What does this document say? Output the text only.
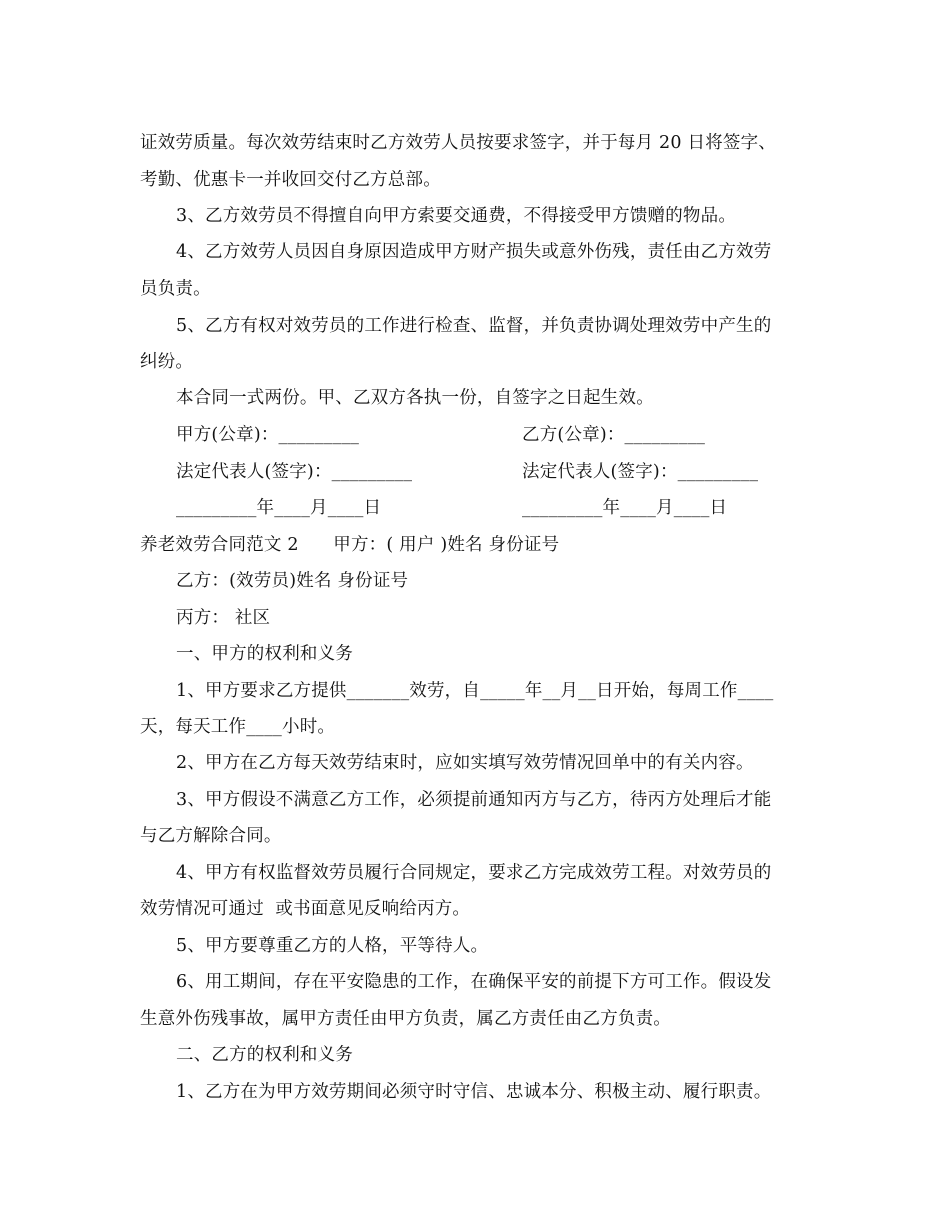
证效劳质量。每次效劳结束时乙方效劳人员按要求签字，并于每月 20 日将签字、
考勤、优惠卡一并收回交付乙方总部。
3、乙方效劳员不得擅自向甲方索要交通费，不得接受甲方馈赠的物品。
4、乙方效劳人员因自身原因造成甲方财产损失或意外伤残，责任由乙方效劳
员负责。
5、乙方有权对效劳员的工作进行检查、监督，并负责协调处理效劳中产生的
纠纷。
本合同一式两份。甲、乙双方各执一份，自签字之日起生效。
甲方(公章)：_________	乙方(公章)：_________
法定代表人(签字)：_________	法定代表人(签字)：_________
_________年____月____日	_________年____月____日
养老效劳合同范文 2      甲方：( 用户 )姓名 身份证号
乙方：(效劳员)姓名 身份证号
丙方： 社区
一、甲方的权利和义务
1、甲方要求乙方提供_______效劳，自_____年__月__日开始，每周工作____
天，每天工作____小时。
2、甲方在乙方每天效劳结束时，应如实填写效劳情况回单中的有关内容。
3、甲方假设不满意乙方工作，必须提前通知丙方与乙方，待丙方处理后才能
与乙方解除合同。
4、甲方有权监督效劳员履行合同规定，要求乙方完成效劳工程。对效劳员的
效劳情况可通过  或书面意见反响给丙方。
5、甲方要尊重乙方的人格，平等待人。
6、用工期间，存在平安隐患的工作，在确保平安的前提下方可工作。假设发
生意外伤残事故，属甲方责任由甲方负责，属乙方责任由乙方负责。
二、乙方的权利和义务
1、乙方在为甲方效劳期间必须守时守信、忠诚本分、积极主动、履行职责。
